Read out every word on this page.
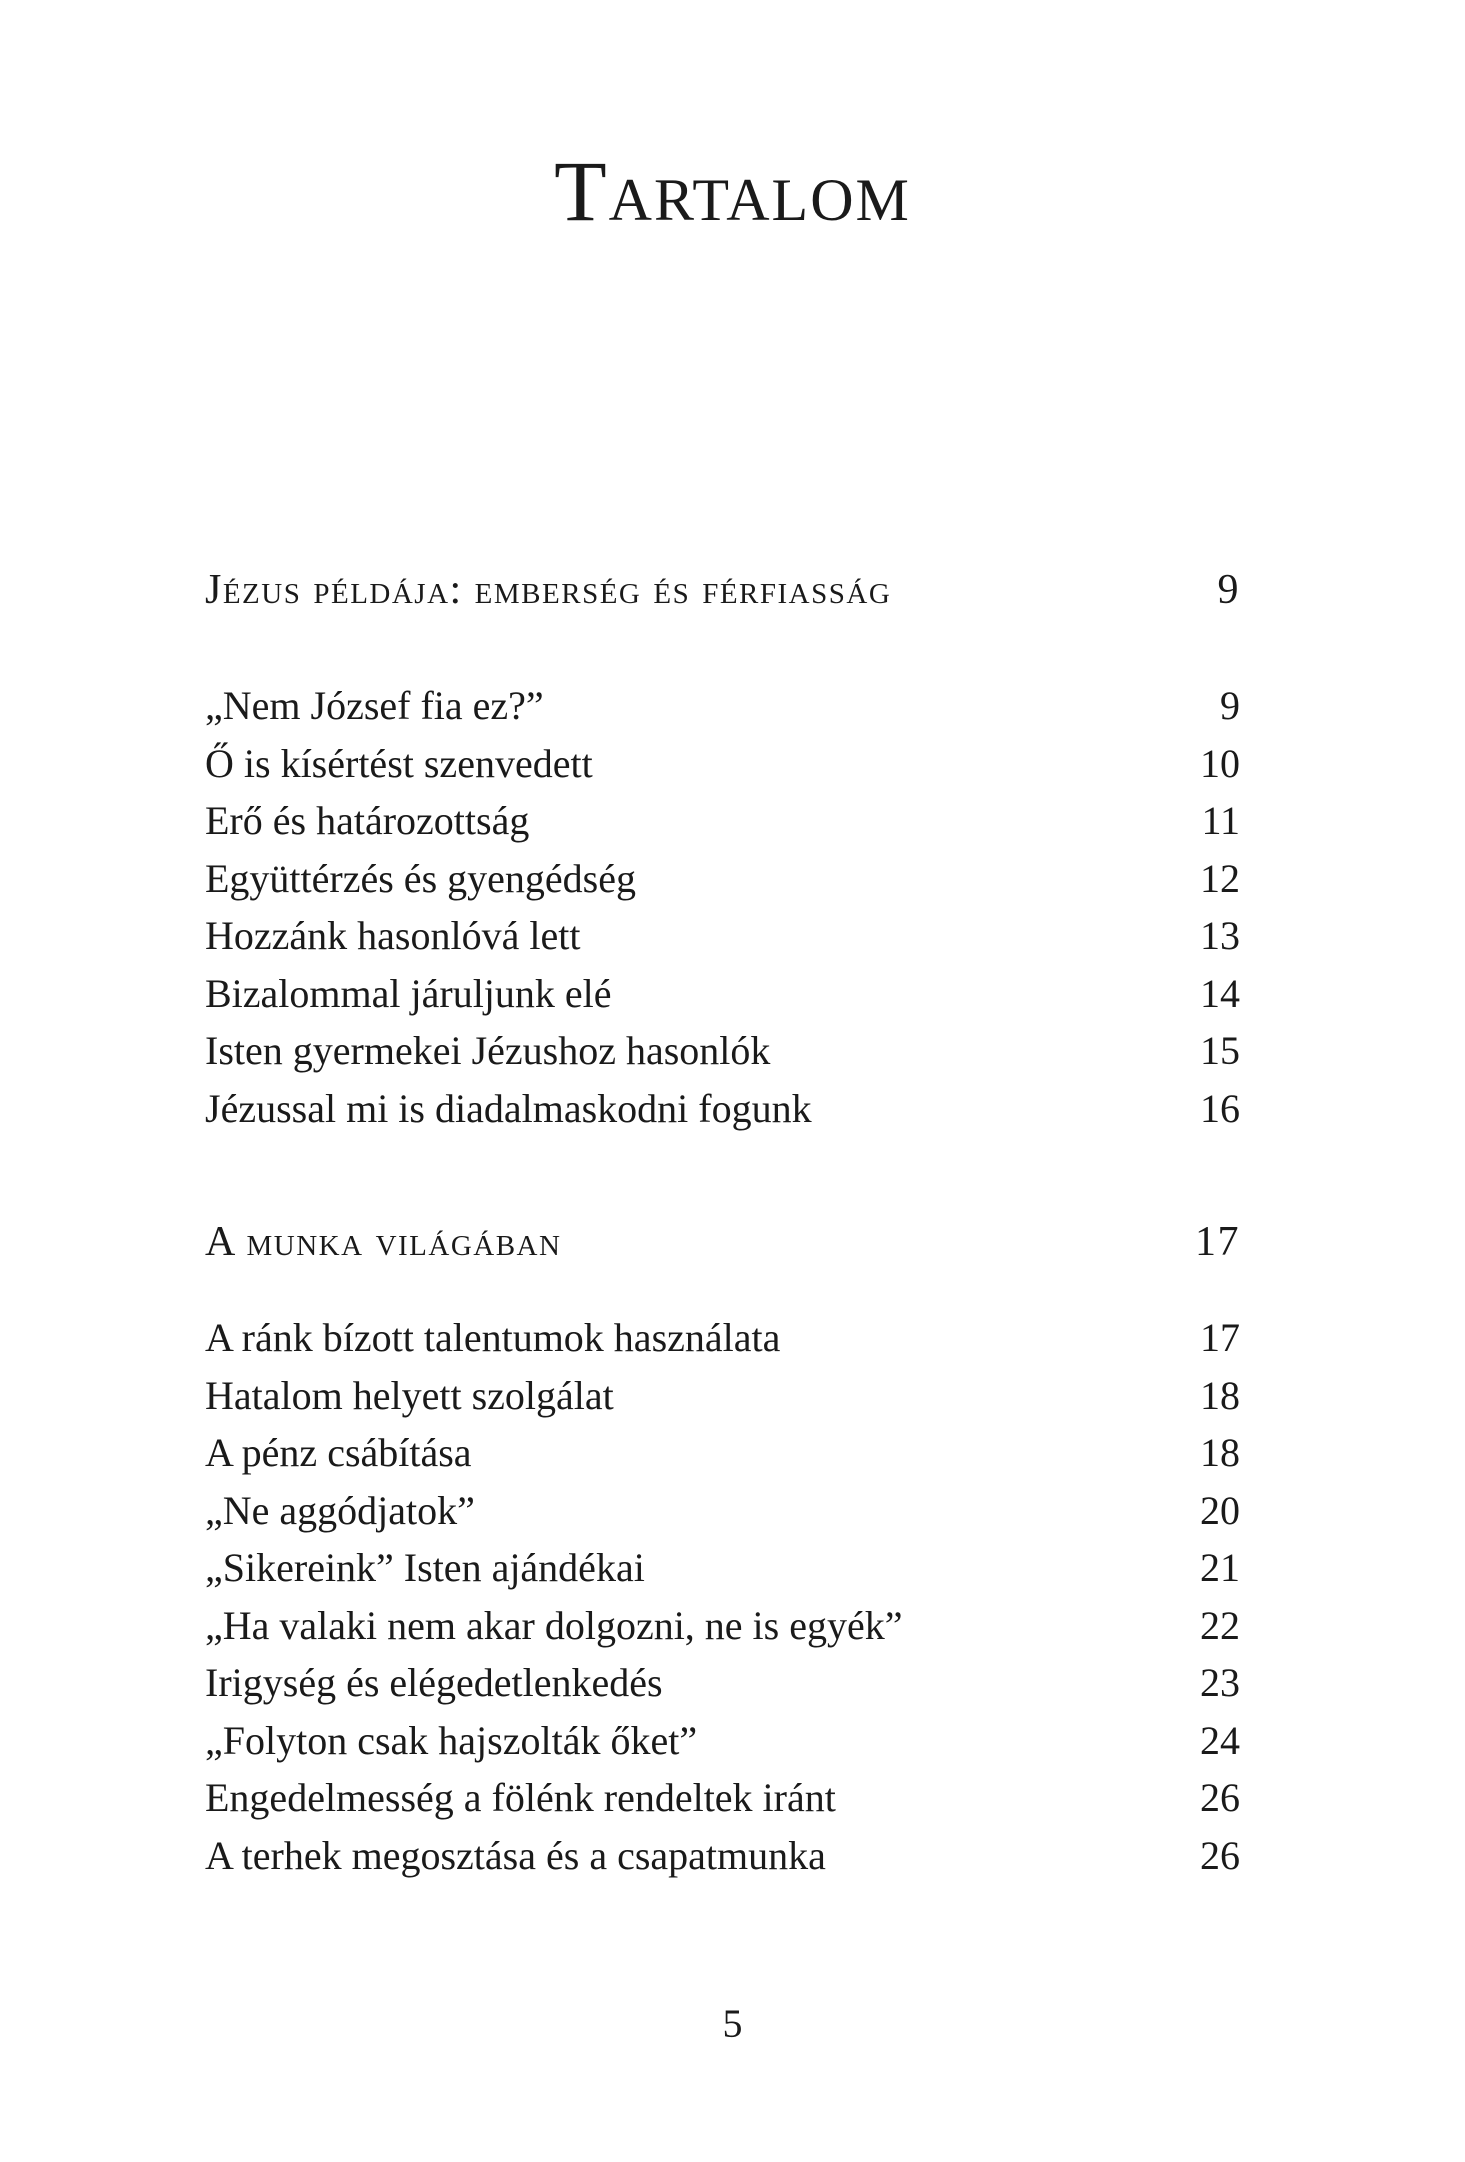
Tartalom
Jézus példája: emberség és férfiasság	9
„Nem József fia ez?”	9
Ő is kísértést szenvedett	10
Erő és határozottság	11
Együttérzés és gyengédség	12
Hozzánk hasonlóvá lett	13
Bizalommal járuljunk elé	14
Isten gyermekei Jézushoz hasonlók	15
Jézussal mi is diadalmaskodni fogunk	16
A munka világában	17
A ránk bízott talentumok használata	17
Hatalom helyett szolgálat	18
A pénz csábítása	18
„Ne aggódjatok”	20
„Sikereink” Isten ajándékai	21
„Ha valaki nem akar dolgozni, ne is egyék”	22
Irigység és elégedetlenkedés	23
„Folyton csak hajszolták őket”	24
Engedelmesség a fölénk rendeltek iránt	26
A terhek megosztása és a csapatmunka	26
5
